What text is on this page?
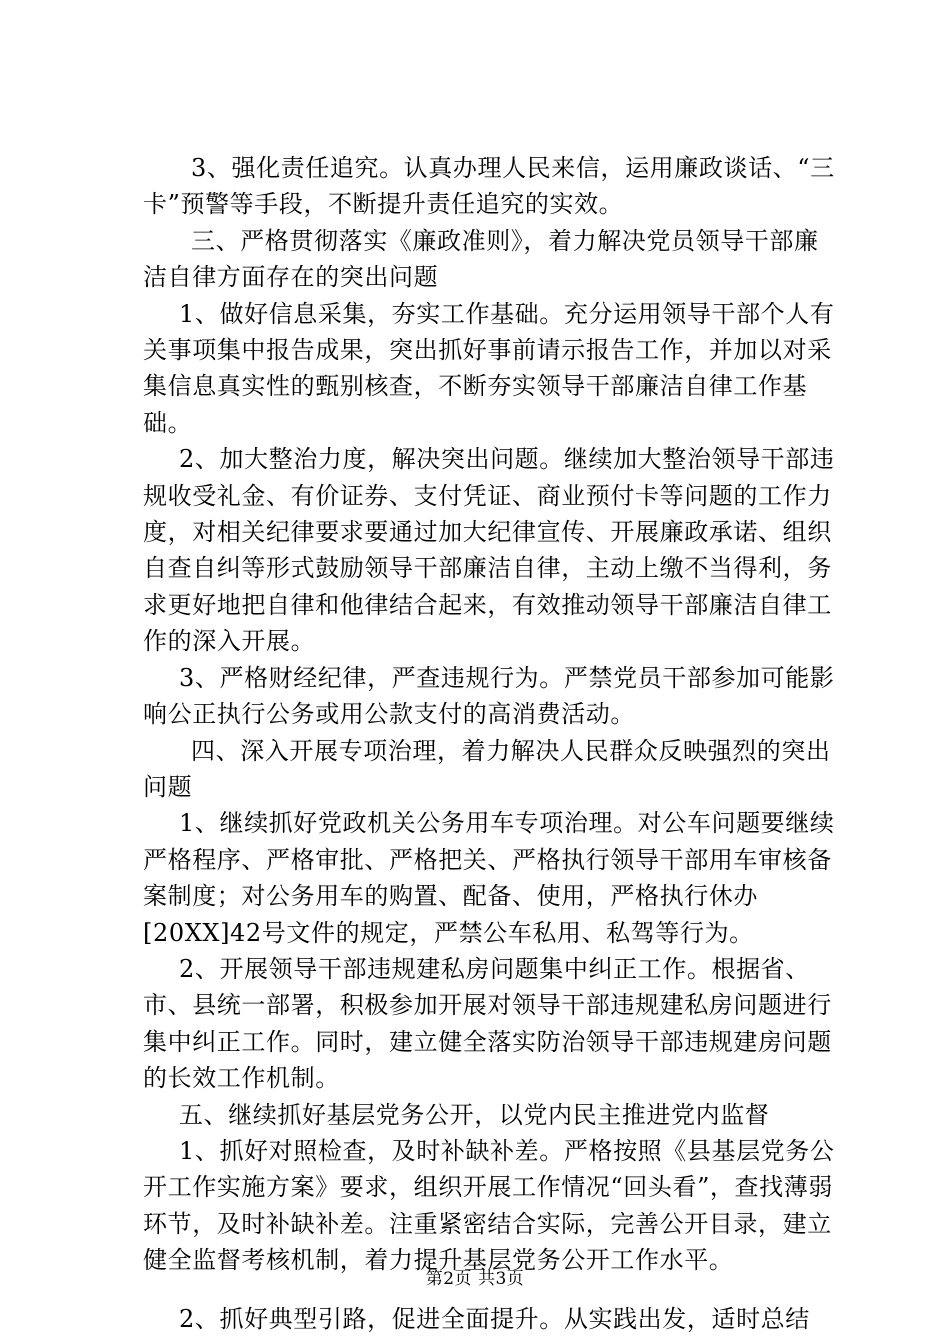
3、强化责任追究。认真办理人民来信，运用廉政谈话、“三卡”预警等手段，不断提升责任追究的实效。

三、严格贯彻落实《廉政准则》，着力解决党员领导干部廉洁自律方面存在的突出问题

1、做好信息采集，夯实工作基础。充分运用领导干部个人有关事项集中报告成果，突出抓好事前请示报告工作，并加以对采集信息真实性的甄别核查，不断夯实领导干部廉洁自律工作基础。

2、加大整治力度，解决突出问题。继续加大整治领导干部违规收受礼金、有价证券、支付凭证、商业预付卡等问题的工作力度，对相关纪律要求要通过加大纪律宣传、开展廉政承诺、组织自查自纠等形式鼓励领导干部廉洁自律，主动上缴不当得利，务求更好地把自律和他律结合起来，有效推动领导干部廉洁自律工作的深入开展。

3、严格财经纪律，严查违规行为。严禁党员干部参加可能影响公正执行公务或用公款支付的高消费活动。

四、深入开展专项治理，着力解决人民群众反映强烈的突出问题

1、继续抓好党政机关公务用车专项治理。对公车问题要继续严格程序、严格审批、严格把关、严格执行领导干部用车审核备案制度；对公务用车的购置、配备、使用，严格执行休办[20XX]42号文件的规定，严禁公车私用、私驾等行为。

2、开展领导干部违规建私房问题集中纠正工作。根据省、市、县统一部署，积极参加开展对领导干部违规建私房问题进行集中纠正工作。同时，建立健全落实防治领导干部违规建房问题的长效工作机制。

五、继续抓好基层党务公开，以党内民主推进党内监督

1、抓好对照检查，及时补缺补差。严格按照《县基层党务公开工作实施方案》要求，组织开展工作情况“回头看”，查找薄弱环节，及时补缺补差。注重紧密结合实际，完善公开目录，建立健全监督考核机制，着力提升基层党务公开工作水平。

2、抓好典型引路，促进全面提升。从实践出发，适时总结

第2页 共3页
